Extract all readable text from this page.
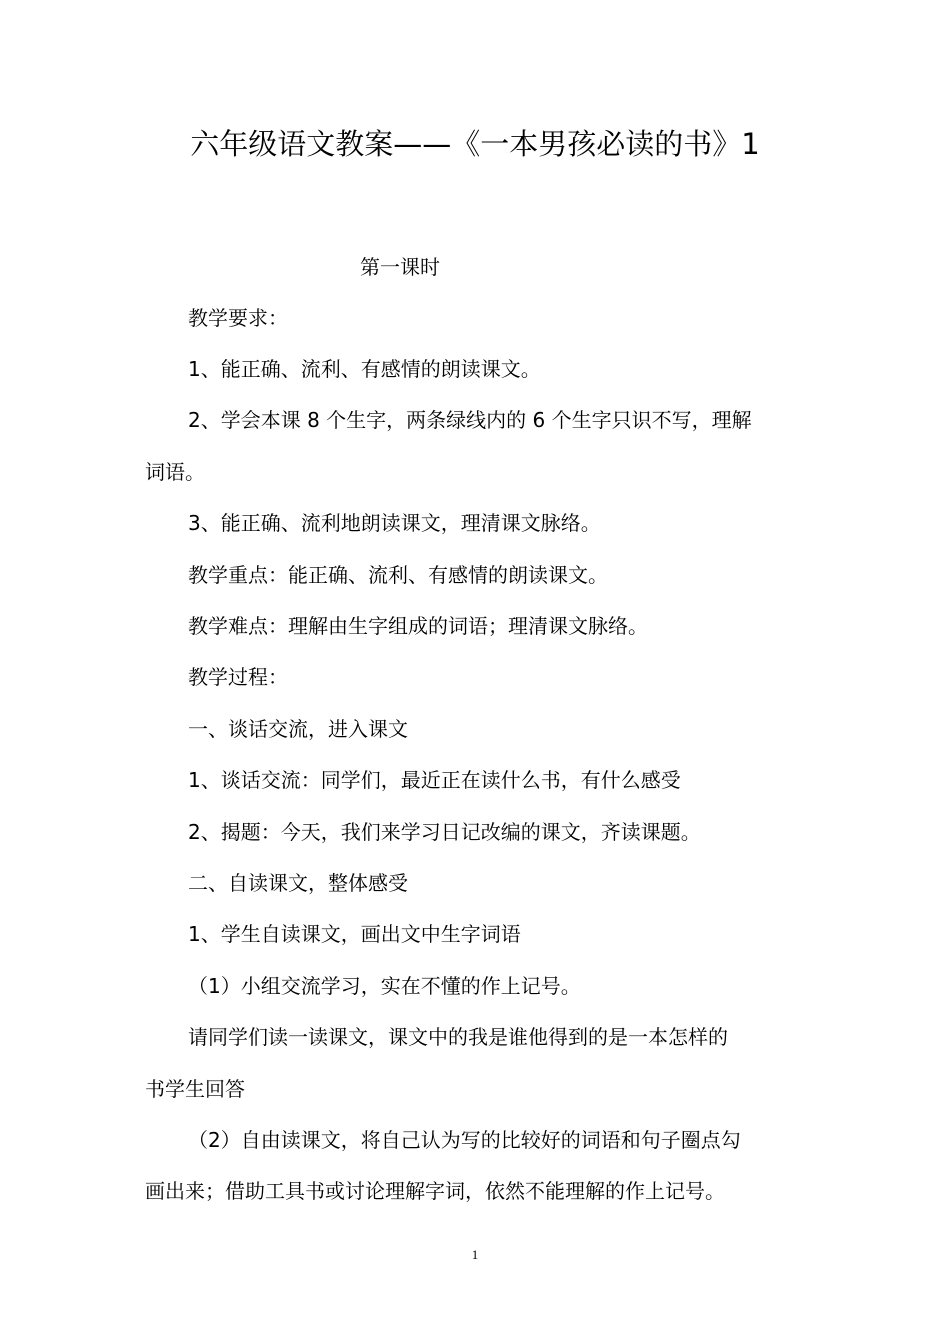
六年级语文教案——《一本男孩必读的书》1

第一课时

教学要求：

1、能正确、流利、有感情的朗读课文。

2、学会本课 8 个生字，两条绿线内的 6 个生字只识不写，理解

词语。

3、能正确、流利地朗读课文，理清课文脉络。

教学重点：能正确、流利、有感情的朗读课文。

教学难点：理解由生字组成的词语；理清课文脉络。

教学过程：

一、谈话交流，进入课文

1、谈话交流：同学们，最近正在读什么书，有什么感受

2、揭题：今天，我们来学习日记改编的课文，齐读课题。

二、自读课文，整体感受

1、学生自读课文，画出文中生字词语

（1）小组交流学习，实在不懂的作上记号。

请同学们读一读课文，课文中的我是谁他得到的是一本怎样的

书学生回答

（2）自由读课文，将自己认为写的比较好的词语和句子圈点勾

画出来；借助工具书或讨论理解字词，依然不能理解的作上记号。

1
